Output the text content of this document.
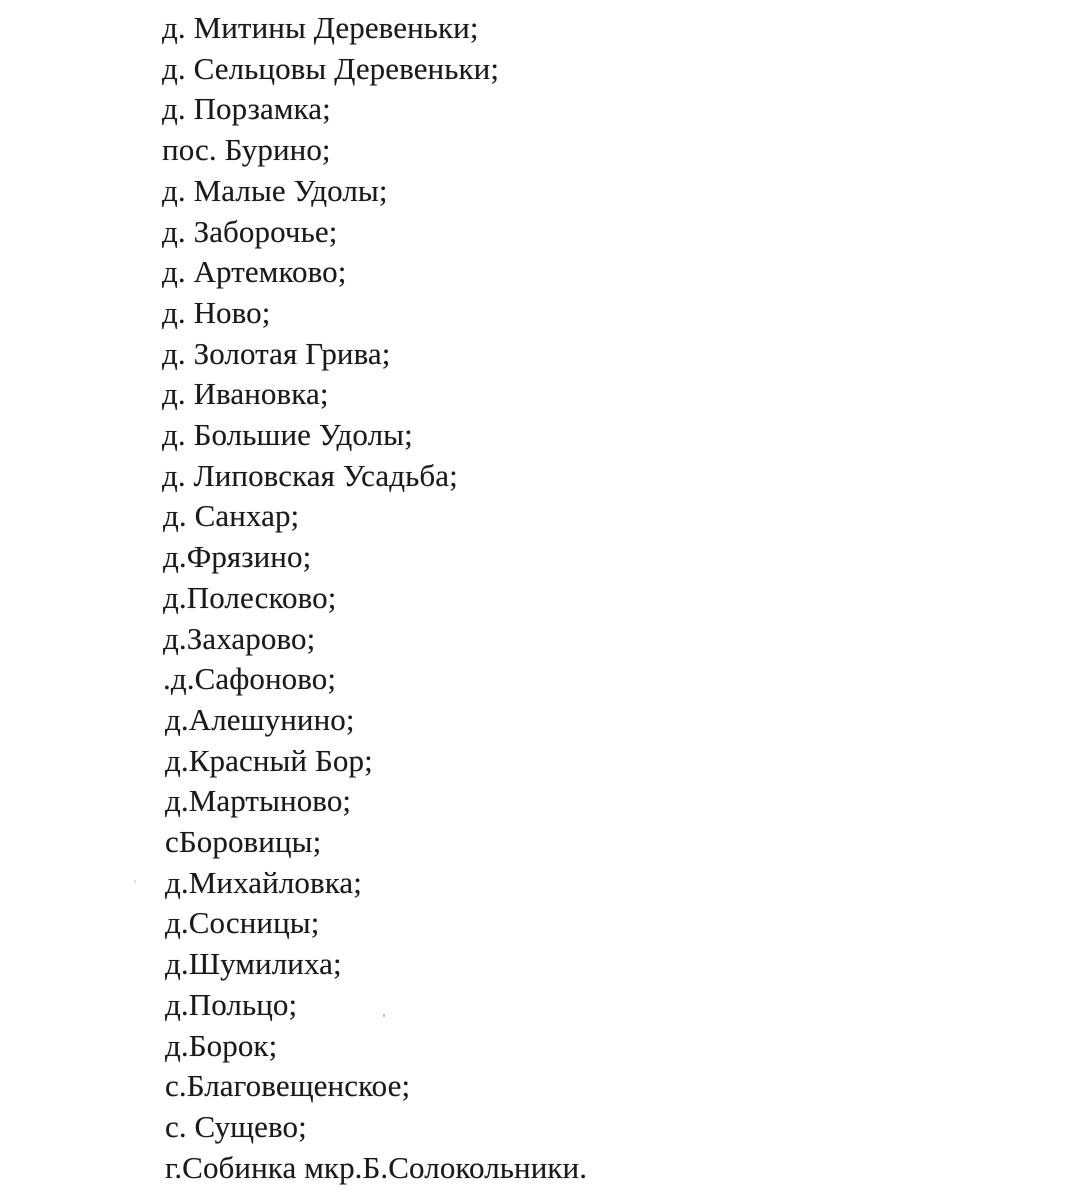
д. Митины Деревеньки;
д. Сельцовы Деревеньки;
д. Порзамка;
пос. Бурино;
д. Малые Удолы;
д. Заборочье;
д. Артемково;
д. Ново;
д. Золотая Грива;
д. Ивановка;
д. Большие Удолы;
д. Липовская Усадьба;
д. Санхар;
д.Фрязино;
д.Полесково;
д.Захарово;
.д.Сафоново;
д.Алешунино;
д.Красный Бор;
д.Мартыново;
сБоровицы;
д.Михайловка;
д.Сосницы;
д.Шумилиха;
д.Польцо;
д.Борок;
с.Благовещенское;
с. Сущево;
г.Собинка мкр.Б.Солокольники.
